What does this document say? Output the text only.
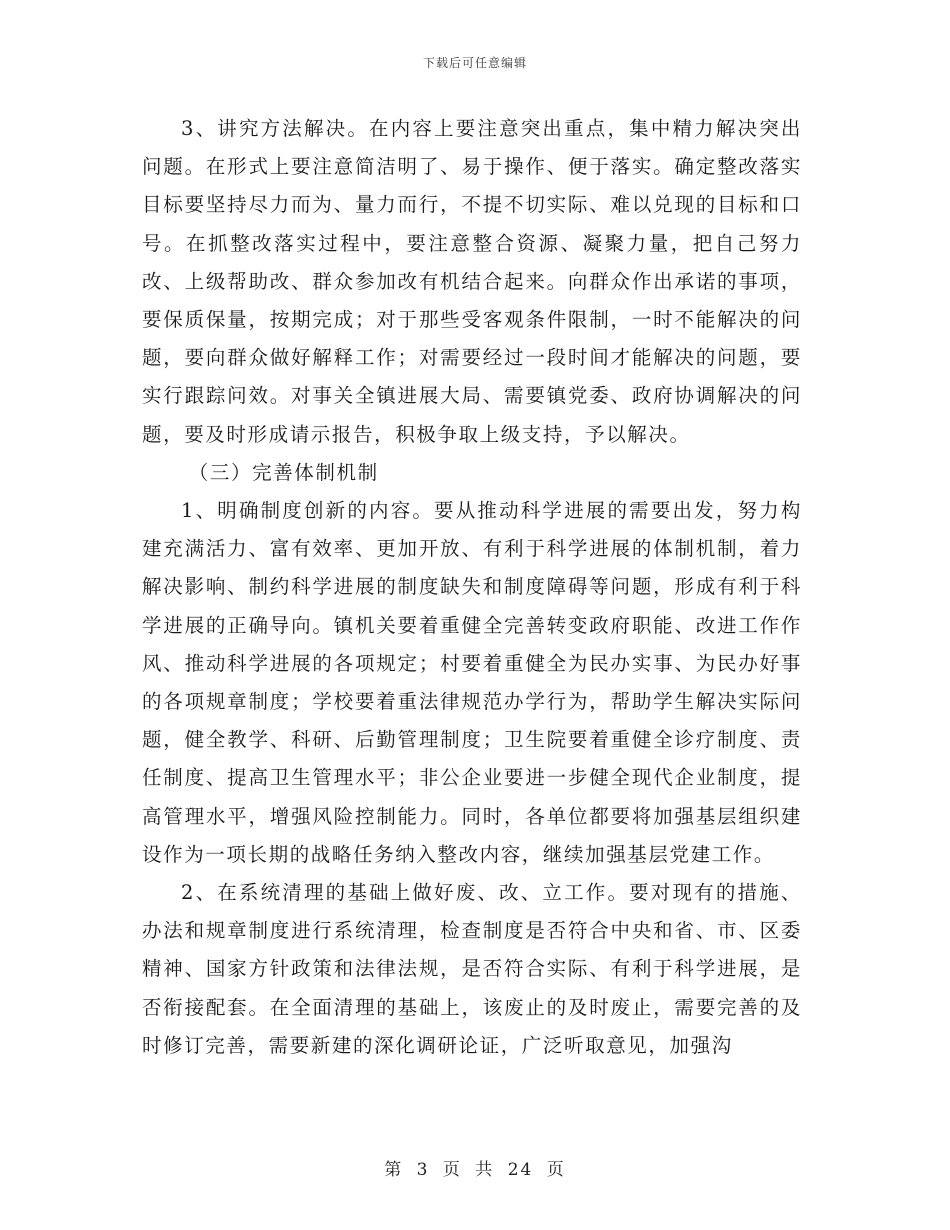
下载后可任意编辑

3、讲究方法解决。在内容上要注意突出重点，集中精力解决突出问题。在形式上要注意简洁明了、易于操作、便于落实。确定整改落实目标要坚持尽力而为、量力而行，不提不切实际、难以兑现的目标和口号。在抓整改落实过程中，要注意整合资源、凝聚力量，把自己努力改、上级帮助改、群众参加改有机结合起来。向群众作出承诺的事项，要保质保量，按期完成；对于那些受客观条件限制，一时不能解决的问题，要向群众做好解释工作；对需要经过一段时间才能解决的问题，要实行跟踪问效。对事关全镇进展大局、需要镇党委、政府协调解决的问题，要及时形成请示报告，积极争取上级支持，予以解决。

（三）完善体制机制

1、明确制度创新的内容。要从推动科学进展的需要出发，努力构建充满活力、富有效率、更加开放、有利于科学进展的体制机制，着力解决影响、制约科学进展的制度缺失和制度障碍等问题，形成有利于科学进展的正确导向。镇机关要着重健全完善转变政府职能、改进工作作风、推动科学进展的各项规定；村要着重健全为民办实事、为民办好事的各项规章制度；学校要着重法律规范办学行为，帮助学生解决实际问题，健全教学、科研、后勤管理制度；卫生院要着重健全诊疗制度、责任制度、提高卫生管理水平；非公企业要进一步健全现代企业制度，提高管理水平，增强风险控制能力。同时，各单位都要将加强基层组织建设作为一项长期的战略任务纳入整改内容，继续加强基层党建工作。

2、在系统清理的基础上做好废、改、立工作。要对现有的措施、办法和规章制度进行系统清理，检查制度是否符合中央和省、市、区委精神、国家方针政策和法律法规，是否符合实际、有利于科学进展，是否衔接配套。在全面清理的基础上，该废止的及时废止，需要完善的及时修订完善，需要新建的深化调研论证，广泛听取意见，加强沟

第 3 页 共 24 页
